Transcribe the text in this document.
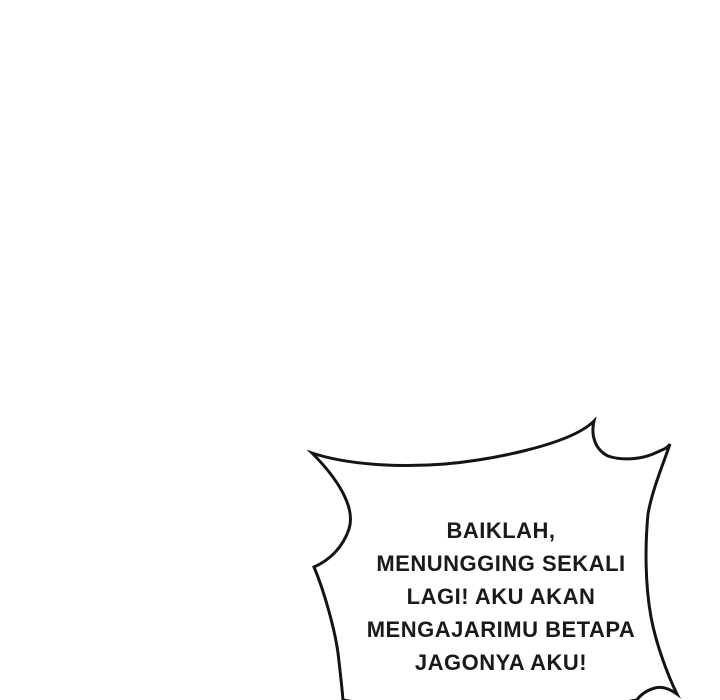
BAIKLAH,
MENUNGGING SEKALI
LAGI! AKU AKAN
MENGAJARIMU BETAPA
JAGONYA AKU!
